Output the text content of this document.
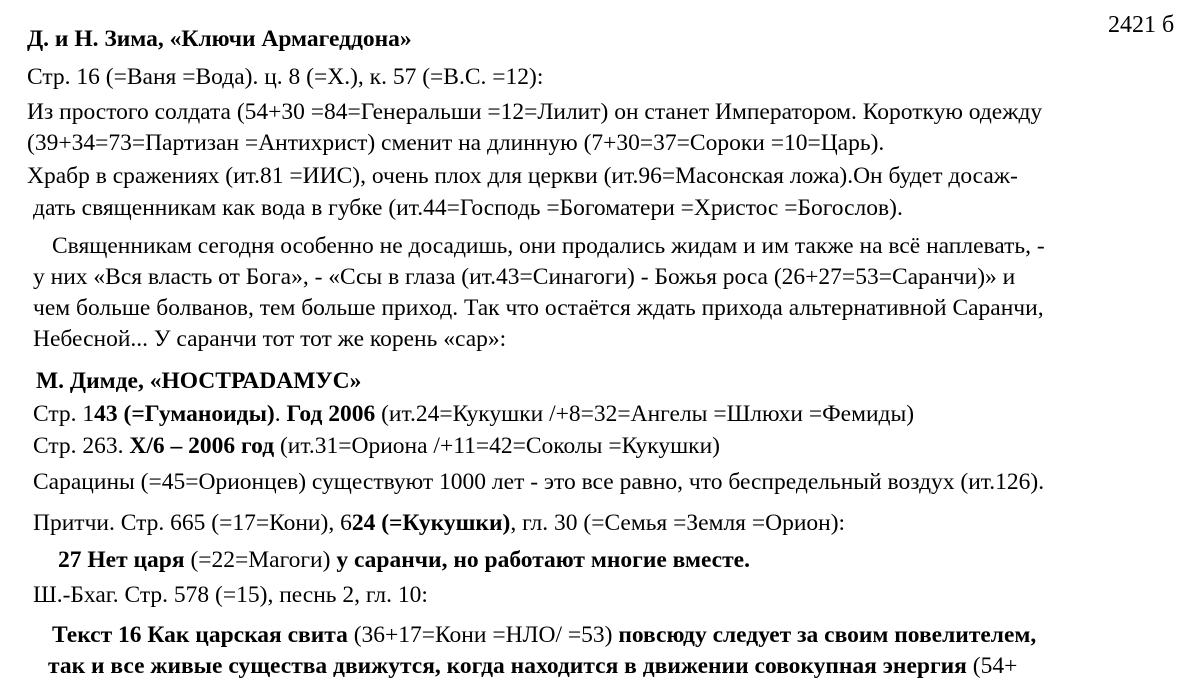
2421 б
Д. и Н. Зима, «Ключи Армагеддона»
Стр. 16 (=Ваня =Вода). ц. 8 (=Х.), к. 57 (=В.С. =12):
Из простого солдата (54+30 =84=Генеральши =12=Лилит) он станет Императором. Короткую одежду
(39+34=73=Партизан =Антихрист) сменит на длинную (7+30=37=Сороки =10=Царь).
Храбр в сражениях (ит.81 =ИИС), очень плох для церкви (ит.96=Масонская ложа).Он будет досаж-
дать священникам как вода в губке (ит.44=Господь =Богоматери =Христос =Богослов).
Священникам сегодня особенно не досадишь, они продались жидам и им также на всё наплевать, -
у них «Вся власть от Бога», - «Ссы в глаза (ит.43=Синагоги) - Божья роса (26+27=53=Саранчи)» и
чем больше болванов, тем больше приход. Так что остаётся ждать прихода альтернативной Саранчи,
Небесной... У саранчи тот тот же корень «сар»:
М. Димде, «НОСТРАDАМУС»
Стр. 143 (=Гуманоиды). Год 2006 (ит.24=Кукушки /+8=32=Ангелы =Шлюхи =Фемиды)
Стр. 263. X/6 – 2006 год (ит.31=Ориона /+11=42=Соколы =Кукушки)
Сарацины (=45=Орионцев) существуют 1000 лет - это все равно, что беспредельный воздух (ит.126).
Притчи. Стр. 665 (=17=Кони), 624 (=Кукушки), гл. 30 (=Семья =Земля =Орион):
27 Нет царя (=22=Магоги) у саранчи, но работают многие вместе.
Ш.-Бхаг. Стр. 578 (=15), песнь 2, гл. 10:
Текст 16 Как царская свита (36+17=Кони =НЛО/ =53) повсюду следует за своим повелителем,
так и все живые существа движутся, когда находится в движении совокупная энергия (54+
